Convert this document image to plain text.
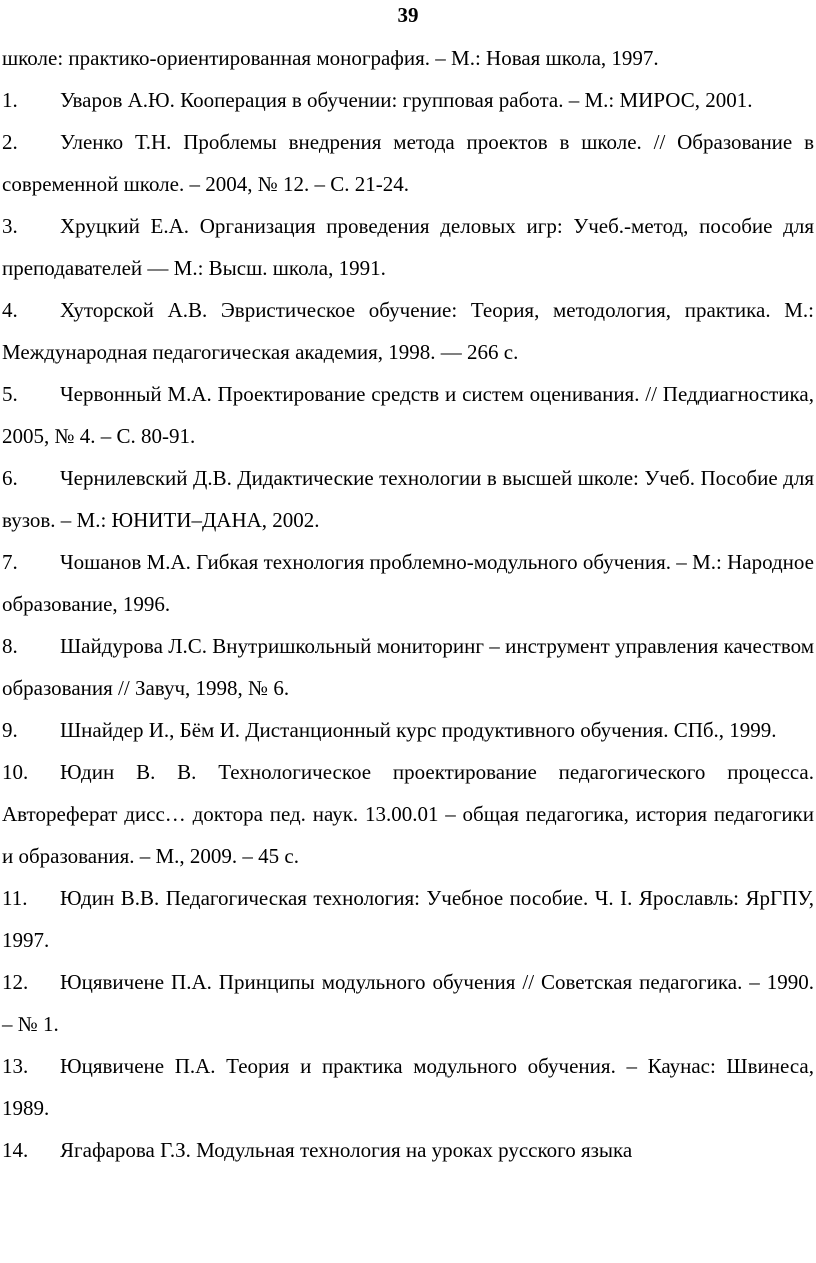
39

школе: практико-ориентированная монография. – М.: Новая школа, 1997.

1. Уваров А.Ю. Кооперация в обучении: групповая работа. – М.: МИРОС, 2001.

2. Уленко Т.Н. Проблемы внедрения метода проектов в школе. // Образование в современной школе. – 2004, № 12. – С. 21-24.

3. Хруцкий Е.А. Организация проведения деловых игр: Учеб.-метод, пособие для преподавателей — М.: Высш. школа, 1991.

4. Хуторской А.В. Эвристическое обучение: Теория, методология, практика. М.: Международная педагогическая академия, 1998. — 266 с.

5. Червонный М.А. Проектирование средств и систем оценивания. // Педдиагностика, 2005, № 4. – С. 80-91.

6. Чернилевский Д.В. Дидактические технологии в высшей школе: Учеб. Пособие для вузов. – М.: ЮНИТИ–ДАНА, 2002.

7. Чошанов М.А. Гибкая технология проблемно-модульного обучения. – М.: Народное образование, 1996.

8. Шайдурова Л.С. Внутришкольный мониторинг – инструмент управления качеством образования // Завуч, 1998, № 6.

9. Шнайдер И., Бём И. Дистанционный курс продуктивного обучения. СПб., 1999.

10. Юдин В. В. Технологическое проектирование педагогического процесса. Автореферат дисс… доктора пед. наук. 13.00.01 – общая педагогика, история педагогики и образования. – М., 2009. – 45 с.

11. Юдин В.В. Педагогическая технология: Учебное пособие. Ч. I. Ярославль: ЯрГПУ, 1997.

12. Юцявичене П.А. Принципы модульного обучения // Советская педагогика. – 1990. – № 1.

13. Юцявичене П.А. Теория и практика модульного обучения. – Каунас: Швинеса, 1989.

14. Ягафарова Г.З. Модульная технология на уроках русского языка
